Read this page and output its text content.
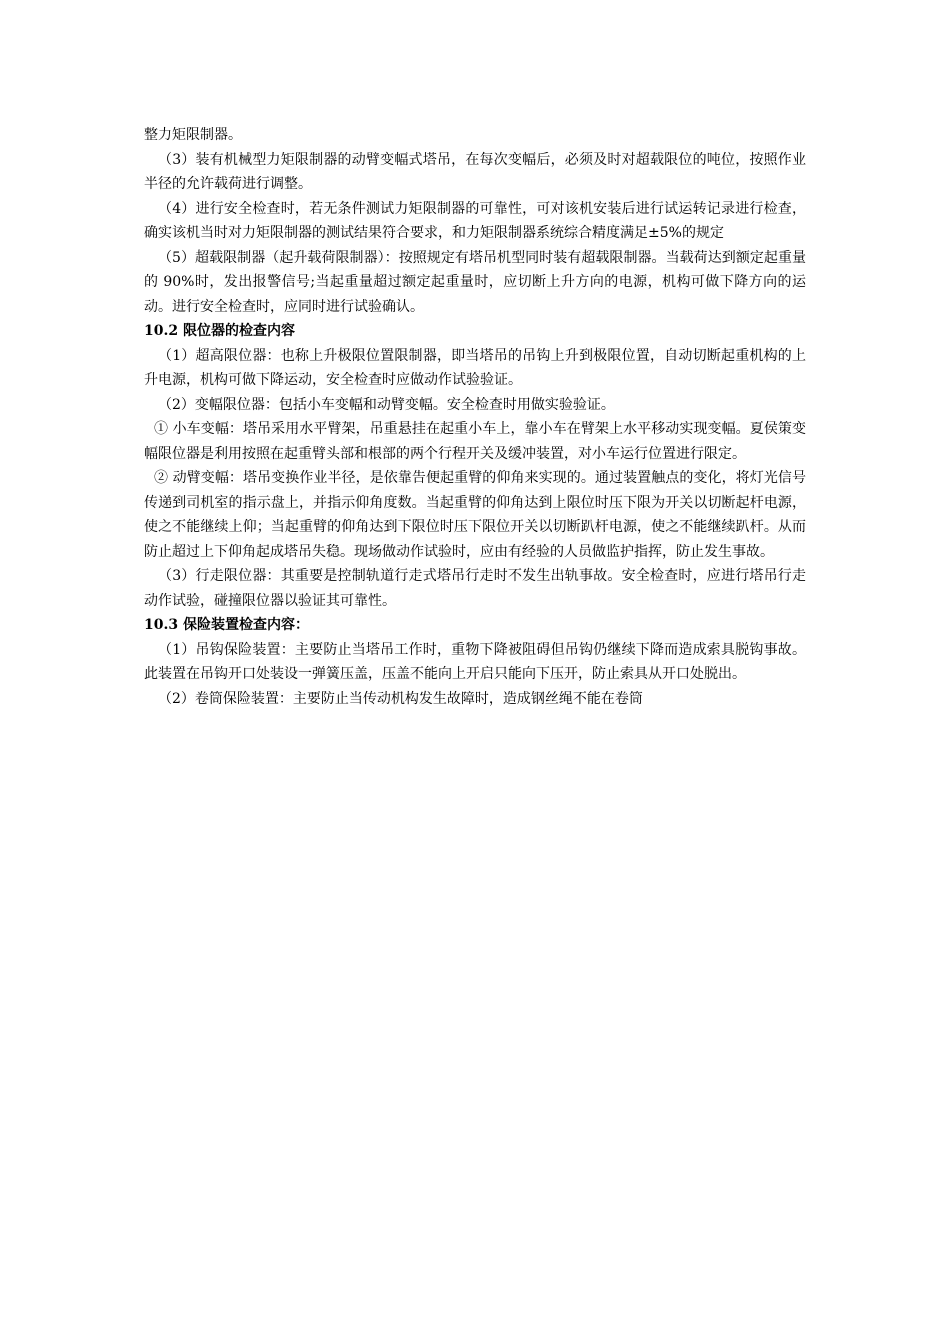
整力矩限制器。

（3）装有机械型力矩限制器的动臂变幅式塔吊，在每次变幅后，必须及时对超载限位的吨位，按照作业半径的允许载荷进行调整。

（4）进行安全检查时，若无条件测试力矩限制器的可靠性，可对该机安装后进行试运转记录进行检查，确实该机当时对力矩限制器的测试结果符合要求，和力矩限制器系统综合精度满足±5%的规定

（5）超载限制器（起升载荷限制器）：按照规定有塔吊机型同时装有超载限制器。当载荷达到额定起重量的 90%时，发出报警信号;当起重量超过额定起重量时，应切断上升方向的电源，机构可做下降方向的运动。进行安全检查时，应同时进行试验确认。

10.2 限位器的检查内容

（1）超高限位器：也称上升极限位置限制器，即当塔吊的吊钩上升到极限位置，自动切断起重机构的上升电源，机构可做下降运动，安全检查时应做动作试验验证。

（2）变幅限位器：包括小车变幅和动臂变幅。安全检查时用做实验验证。

① 小车变幅：塔吊采用水平臂架，吊重悬挂在起重小车上，靠小车在臂架上水平移动实现变幅。夏侯策变幅限位器是利用按照在起重臂头部和根部的两个行程开关及缓冲装置，对小车运行位置进行限定。

② 动臂变幅：塔吊变换作业半径，是依靠告便起重臂的仰角来实现的。通过装置触点的变化，将灯光信号传递到司机室的指示盘上，并指示仰角度数。当起重臂的仰角达到上限位时压下限为开关以切断起杆电源，使之不能继续上仰；当起重臂的仰角达到下限位时压下限位开关以切断趴杆电源，使之不能继续趴杆。从而防止超过上下仰角起成塔吊失稳。现场做动作试验时，应由有经验的人员做监护指挥，防止发生事故。

（3）行走限位器：其重要是控制轨道行走式塔吊行走时不发生出轨事故。安全检查时，应进行塔吊行走动作试验，碰撞限位器以验证其可靠性。

10.3 保险装置检查内容：

（1）吊钩保险装置：主要防止当塔吊工作时，重物下降被阻碍但吊钩仍继续下降而造成索具脱钩事故。此装置在吊钩开口处装设一弹簧压盖，压盖不能向上开启只能向下压开，防止索具从开口处脱出。

（2）卷筒保险装置：主要防止当传动机构发生故障时，造成钢丝绳不能在卷筒
